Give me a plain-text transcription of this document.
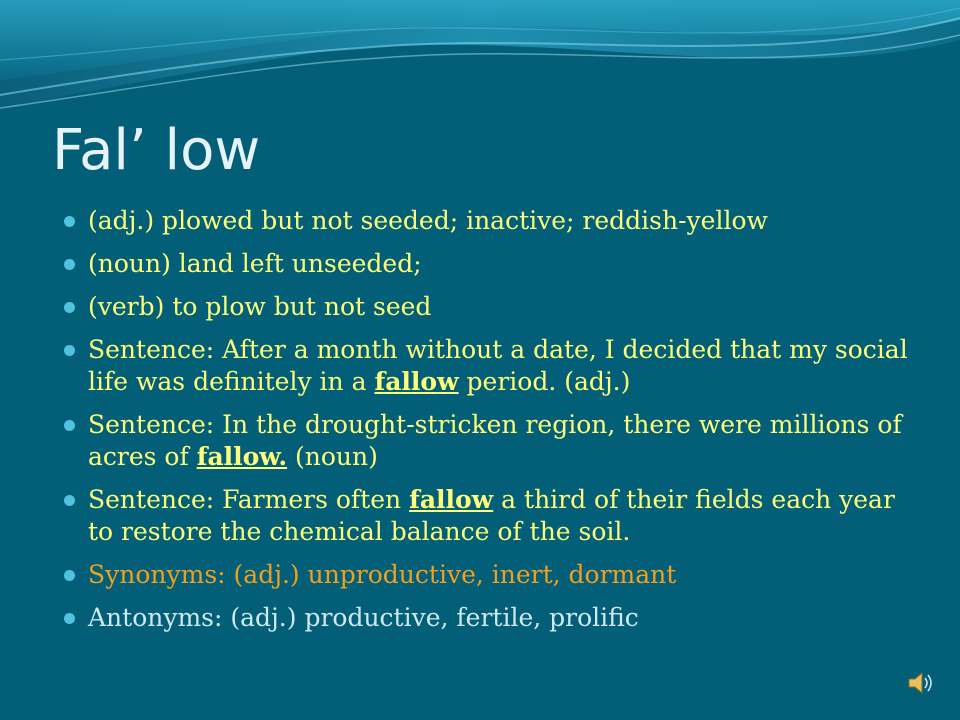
Fal’ low
(adj.) plowed but not seeded; inactive; reddish-yellow
(noun) land left unseeded;
(verb) to plow but not seed
Sentence: After a month without a date, I decided that my social life was definitely in a fallow period. (adj.)
Sentence: In the drought-stricken region, there were millions of acres of fallow. (noun)
Sentence: Farmers often fallow a third of their fields each year to restore the chemical balance of the soil.
Synonyms: (adj.) unproductive, inert, dormant
Antonyms: (adj.) productive, fertile, prolific
